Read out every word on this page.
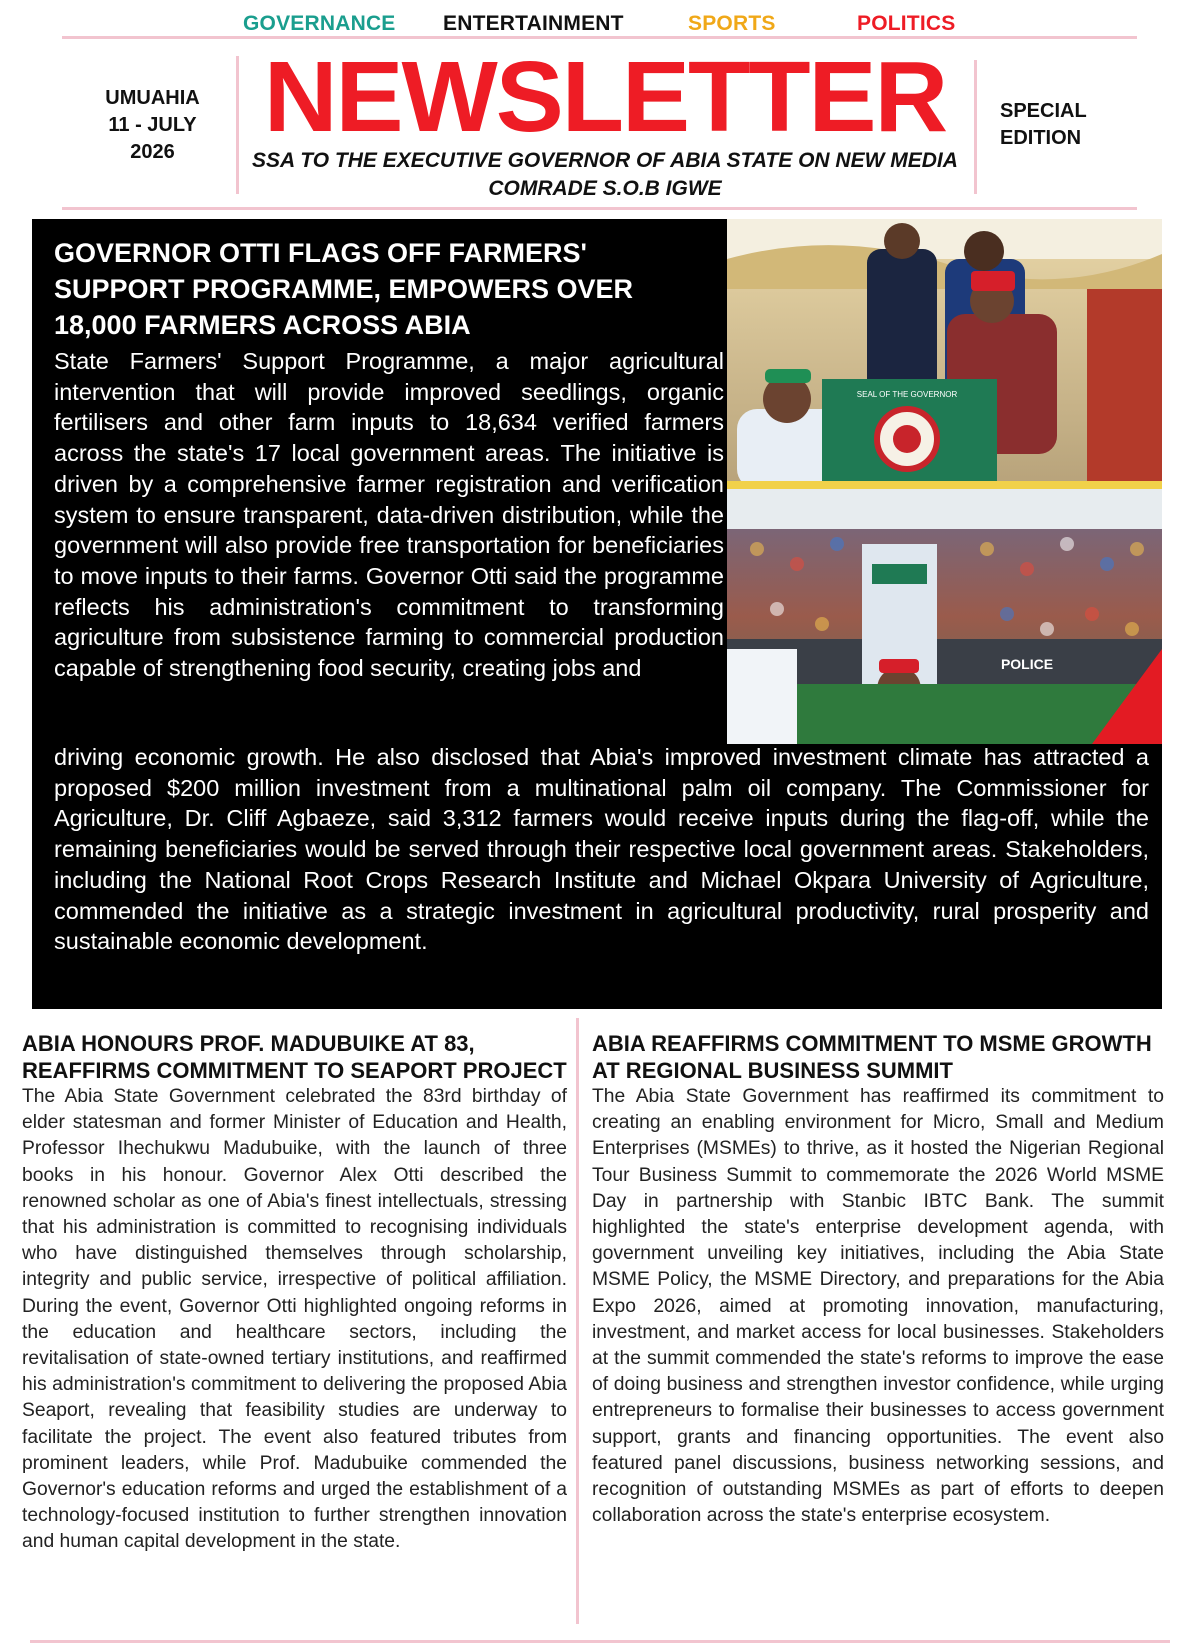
GOVERNANCE ENTERTAINMENT	SPORTS	POLITICS
UMUAHIA
11 - JULY
2026 NEWSLETTER
SSA TO THE EXECUTIVE GOVERNOR OF ABIA STATE ON NEW MEDIA
COMRADE S.O.B IGWE
SPECIAL
EDITION
SEAL OF THE GOVERNOR
POLICE
GOVERNOR OTTI FLAGS OFF FARMERS' SUPPORT PROGRAMME, EMPOWERS OVER 18,000 FARMERS ACROSS ABIA
State Farmers' Support Programme, a major agricultural intervention that will provide improved seedlings, organic fertilisers and other farm inputs to 18,634 verified farmers across the state's 17 local government areas. The initiative is driven by a comprehensive farmer registration and verification system to ensure transparent, data-driven distribution, while the government will also provide free transportation for beneficiaries to move inputs to their farms. Governor Otti said the programme reflects his administration's commitment to transforming agriculture from subsistence farming to commercial production capable of strengthening food security, creating jobs and
driving economic growth. He also disclosed that Abia's improved investment climate has attracted a proposed $200 million investment from a multinational palm oil company. The Commissioner for Agriculture, Dr. Cliff Agbaeze, said 3,312 farmers would receive inputs during the flag-off, while the remaining beneficiaries would be served through their respective local government areas. Stakeholders, including the National Root Crops Research Institute and Michael Okpara University of Agriculture, commended the initiative as a strategic investment in agricultural productivity, rural prosperity and sustainable economic development.
ABIA HONOURS PROF. MADUBUIKE AT 83, REAFFIRMS COMMITMENT TO SEAPORT PROJECT

The Abia State Government celebrated the 83rd birthday of elder statesman and former Minister of Education and Health, Professor Ihechukwu Madubuike, with the launch of three books in his honour. Governor Alex Otti described the renowned scholar as one of Abia's finest intellectuals, stressing that his administration is committed to recognising individuals who have distinguished themselves through scholarship, integrity and public service, irrespective of political affiliation. During the event, Governor Otti highlighted ongoing reforms in the education and healthcare sectors, including the revitalisation of state-owned tertiary institutions, and reaffirmed his administration's commitment to delivering the proposed Abia Seaport, revealing that feasibility studies are underway to facilitate the project. The event also featured tributes from prominent leaders, while Prof. Madubuike commended the Governor's education reforms and urged the establishment of a technology-focused institution to further strengthen innovation and human capital development in the state.

ABIA REAFFIRMS COMMITMENT TO MSME GROWTH AT REGIONAL BUSINESS SUMMIT

The Abia State Government has reaffirmed its commitment to creating an enabling environment for Micro, Small and Medium Enterprises (MSMEs) to thrive, as it hosted the Nigerian Regional Tour Business Summit to commemorate the 2026 World MSME Day in partnership with Stanbic IBTC Bank. The summit highlighted the state's enterprise development agenda, with government unveiling key initiatives, including the Abia State MSME Policy, the MSME Directory, and preparations for the Abia Expo 2026, aimed at promoting innovation, manufacturing, investment, and market access for local businesses. Stakeholders at the summit commended the state's reforms to improve the ease of doing business and strengthen investor confidence, while urging entrepreneurs to formalise their businesses to access government support, grants and financing opportunities. The event also featured panel discussions, business networking sessions, and recognition of outstanding MSMEs as part of efforts to deepen collaboration across the state's enterprise ecosystem.
